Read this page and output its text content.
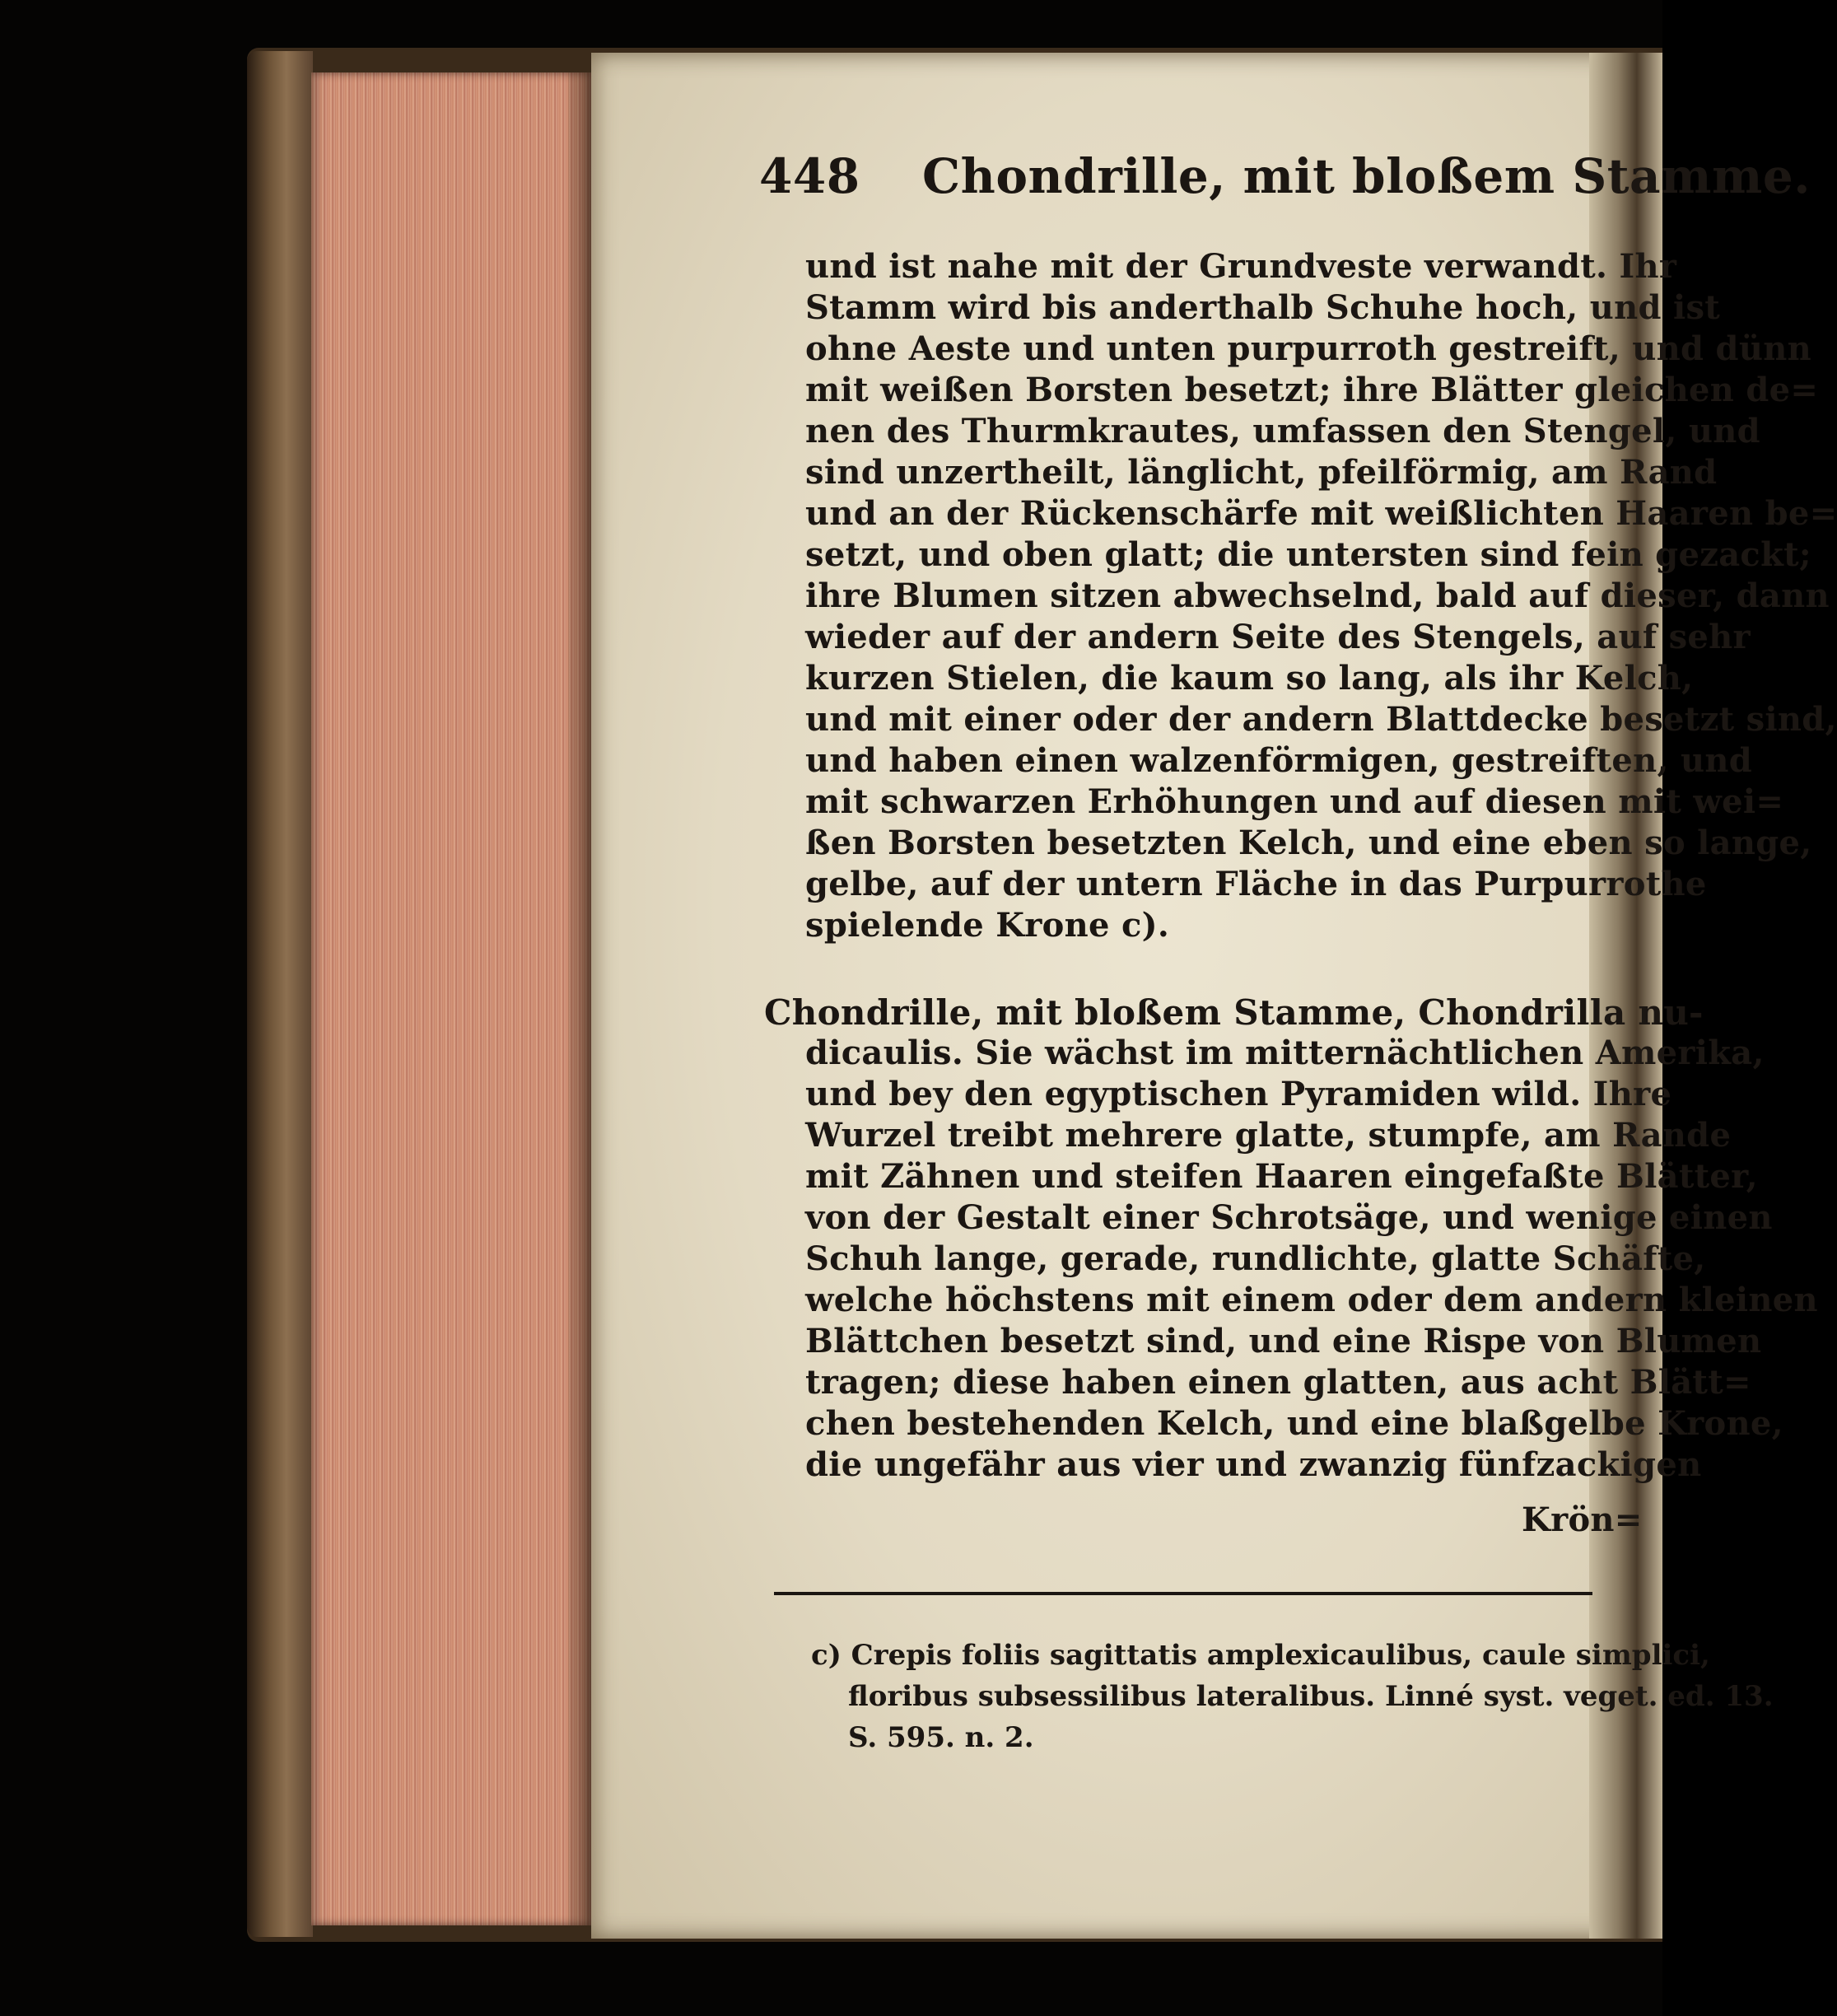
448 Chondrille, mit bloßem Stamme.
und ist nahe mit der Grundveste verwandt. Ihr
Stamm wird bis anderthalb Schuhe hoch, und ist
ohne Aeste und unten purpurroth gestreift, und dünn
mit weißen Borsten besetzt; ihre Blätter gleichen de=
nen des Thurmkrautes, umfassen den Stengel, und
sind unzertheilt, länglicht, pfeilförmig, am Rand
und an der Rückenschärfe mit weißlichten Haaren be=
setzt, und oben glatt; die untersten sind fein gezackt;
ihre Blumen sitzen abwechselnd, bald auf dieser, dann
wieder auf der andern Seite des Stengels, auf sehr
kurzen Stielen, die kaum so lang, als ihr Kelch,
und mit einer oder der andern Blattdecke besetzt sind,
und haben einen walzenförmigen, gestreiften, und
mit schwarzen Erhöhungen und auf diesen mit wei=
ßen Borsten besetzten Kelch, und eine eben so lange,
gelbe, auf der untern Fläche in das Purpurrothe
spielende Krone c).
Chondrille, mit bloßem Stamme, Chondrilla nu-
dicaulis. Sie wächst im mitternächtlichen Amerika,
und bey den egyptischen Pyramiden wild. Ihre
Wurzel treibt mehrere glatte, stumpfe, am Rande
mit Zähnen und steifen Haaren eingefaßte Blätter,
von der Gestalt einer Schrotsäge, und wenige einen
Schuh lange, gerade, rundlichte, glatte Schäfte,
welche höchstens mit einem oder dem andern kleinen
Blättchen besetzt sind, und eine Rispe von Blumen
tragen; diese haben einen glatten, aus acht Blätt=
chen bestehenden Kelch, und eine blaßgelbe Krone,
die ungefähr aus vier und zwanzig fünfzackigen
Krön=
c) Crepis foliis sagittatis amplexicaulibus, caule simplici,
floribus subsessilibus lateralibus. Linné syst. veget. ed. 13.
S. 595. n. 2.
